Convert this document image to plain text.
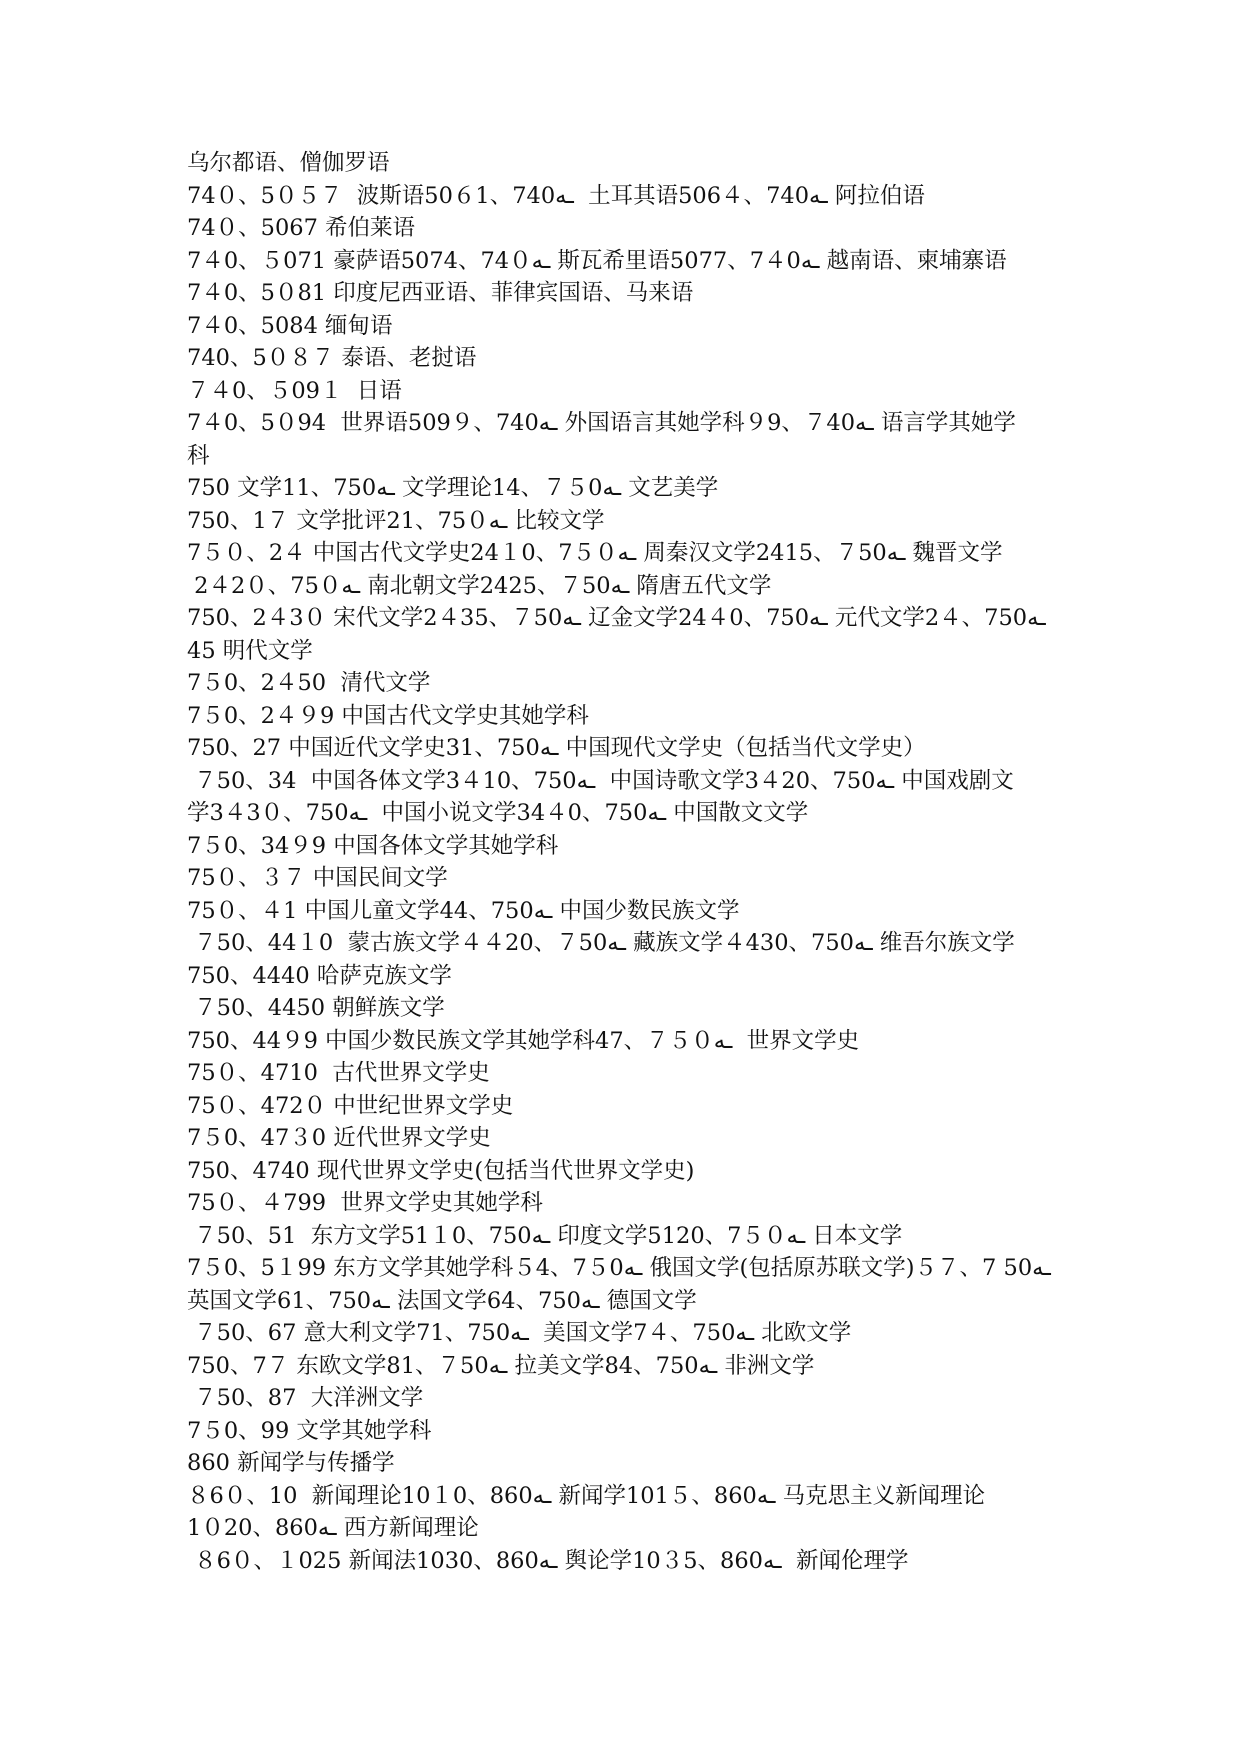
乌尔都语、僧伽罗语
74０、5０５７  波斯语50６1、740ـﻪ  土耳其语506４、740ـﻪ 阿拉伯语
74０、5067 希伯莱语
7４0、５071 豪萨语5074、74０ـﻪ 斯瓦希里语5077、7４0ـﻪ 越南语、柬埔寨语
7４0、5０81 印度尼西亚语、菲律宾国语、马来语
7４0、5084 缅甸语
740、5０８７ 泰语、老挝语
７４0、５09１  日语
7４0、5０94  世界语509９、740ـﻪ 外国语言其她学科９9、７40ـﻪ 语言学其她学
科
750 文学11、750ـﻪ 文学理论14、７５0ـﻪ 文艺美学
750、1７ 文学批评21、75０ـﻪ 比较文学
7５０、2４ 中国古代文学史24１0、7５０ـﻪ 周秦汉文学2415、７50ـﻪ 魏晋文学
2４2０、75０ـﻪ 南北朝文学2425、７50ـﻪ 隋唐五代文学
750、2４3０ 宋代文学2４35、７50ـﻪ 辽金文学24４0、750ـﻪ 元代文学2４、750ـﻪ
45 明代文学
7５0、2４50  清代文学
7５0、2４９9 中国古代文学史其她学科
750、27 中国近代文学史31、750ـﻪ 中国现代文学史（包括当代文学史）
７50、34  中国各体文学3４10、750ـﻪ  中国诗歌文学3４20、750ـﻪ 中国戏剧文
学3４3０、750ـﻪ  中国小说文学34４0、750ـﻪ 中国散文文学
7５0、34９9 中国各体文学其她学科
75０、３７ 中国民间文学
75０、４1 中国儿童文学44、750ـﻪ 中国少数民族文学
７50、44１0  蒙古族文学４４20、７50ـﻪ 藏族文学４430、750ـﻪ 维吾尔族文学
750、4440 哈萨克族文学
７50、4450 朝鲜族文学
750、44９9 中国少数民族文学其她学科47、７５０ـﻪ  世界文学史
75０、4710  古代世界文学史
75０、472０ 中世纪世界文学史
7５0、47３0 近代世界文学史
750、4740 现代世界文学史(包括当代世界文学史)
75０、４799  世界文学史其她学科
７50、51  东方文学51１0、750ـﻪ 印度文学5120、7５０ـﻪ 日本文学
7５0、5１99 东方文学其她学科５4、7５0ـﻪ 俄国文学(包括原苏联文学)５７、7 50ـﻪ
英国文学61、750ـﻪ 法国文学64、750ـﻪ 德国文学
７50、67 意大利文学71、750ـﻪ  美国文学7４、750ـﻪ 北欧文学
750、7７ 东欧文学81、７50ـﻪ 拉美文学84、750ـﻪ 非洲文学
７50、87  大洋洲文学
7５0、99 文学其她学科
860 新闻学与传播学
８6０、10  新闻理论10１0、860ـﻪ 新闻学101５、860ـﻪ 马克思主义新闻理论
1０20、860ـﻪ 西方新闻理论
８6０、１025 新闻法1030、860ـﻪ 舆论学10３5、860ـﻪ  新闻伦理学
